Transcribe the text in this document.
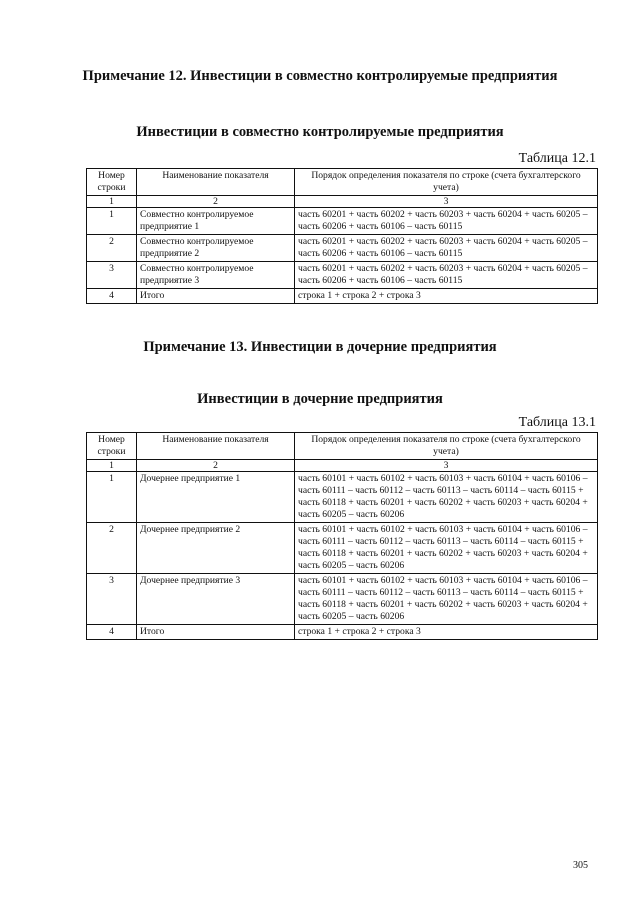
Примечание 12. Инвестиции в совместно контролируемые предприятия
Инвестиции в совместно контролируемые предприятия
Таблица 12.1
Номер строки	Наименование показателя	Порядок определения показателя по строке (счета бухгалтерского учета)
1	2	3
1	Совместно контролируемое предприятие 1	часть 60201 + часть 60202 + часть 60203 + часть 60204 + часть 60205 – часть 60206 + часть 60106 – часть 60115
2	Совместно контролируемое предприятие 2	часть 60201 + часть 60202 + часть 60203 + часть 60204 + часть 60205 – часть 60206 + часть 60106 – часть 60115
3	Совместно контролируемое предприятие 3	часть 60201 + часть 60202 + часть 60203 + часть 60204 + часть 60205 – часть 60206 + часть 60106 – часть 60115
4	Итого	строка 1 + строка 2 + строка 3
Примечание 13. Инвестиции в дочерние предприятия
Инвестиции в дочерние предприятия
Таблица 13.1
Номер строки	Наименование показателя	Порядок определения показателя по строке (счета бухгалтерского учета)
1	2	3
1	Дочернее предприятие 1	часть 60101 + часть 60102 + часть 60103 + часть 60104 + часть 60106 – часть 60111 – часть 60112 – часть 60113 – часть 60114 – часть 60115 + часть 60118 + часть 60201 + часть 60202 + часть 60203 + часть 60204 + часть 60205 – часть 60206
2	Дочернее предприятие 2	часть 60101 + часть 60102 + часть 60103 + часть 60104 + часть 60106 – часть 60111 – часть 60112 – часть 60113 – часть 60114 – часть 60115 + часть 60118 + часть 60201 + часть 60202 + часть 60203 + часть 60204 + часть 60205 – часть 60206
3	Дочернее предприятие 3	часть 60101 + часть 60102 + часть 60103 + часть 60104 + часть 60106 – часть 60111 – часть 60112 – часть 60113 – часть 60114 – часть 60115 + часть 60118 + часть 60201 + часть 60202 + часть 60203 + часть 60204 + часть 60205 – часть 60206
4	Итого	строка 1 + строка 2 + строка 3
305
